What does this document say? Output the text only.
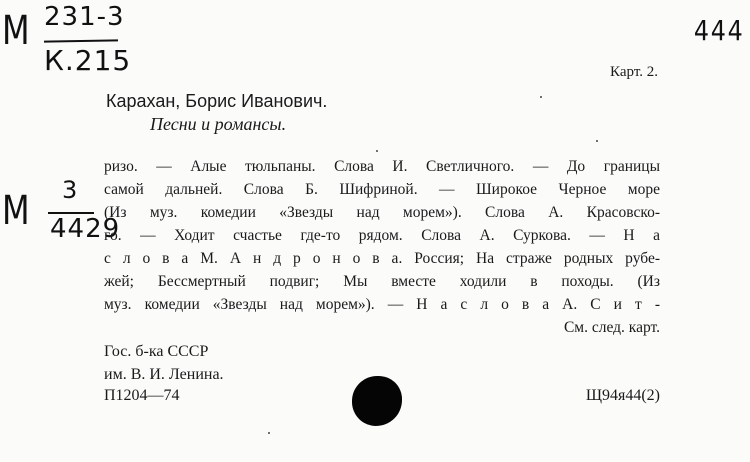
М 231-3
К.215
444
Карт. 2.
Карахан, Борис Иванович.
Песни и романсы.
М 3
4429
ризо. — Алые тюльпаны. Слова И. Светличного. — До границы
самой дальней. Слова Б. Шифриной. — Широкое Черное море
(Из муз. комедии «Звезды над морем»). Слова А. Красовско-
го. — Ходит счастье где-то рядом. Слова А. Суркова. — Н а
с л о в а М. А н д р о н о в а. Россия; На страже родных рубе-
жей; Бессмертный подвиг; Мы вместе ходили в походы. (Из
муз. комедии «Звезды над морем»). — Н а с л о в а А. С и т -
См. след. карт.
Гос. б-ка СССР
им. В. И. Ленина.
П1204—74	Щ94я44(2)
